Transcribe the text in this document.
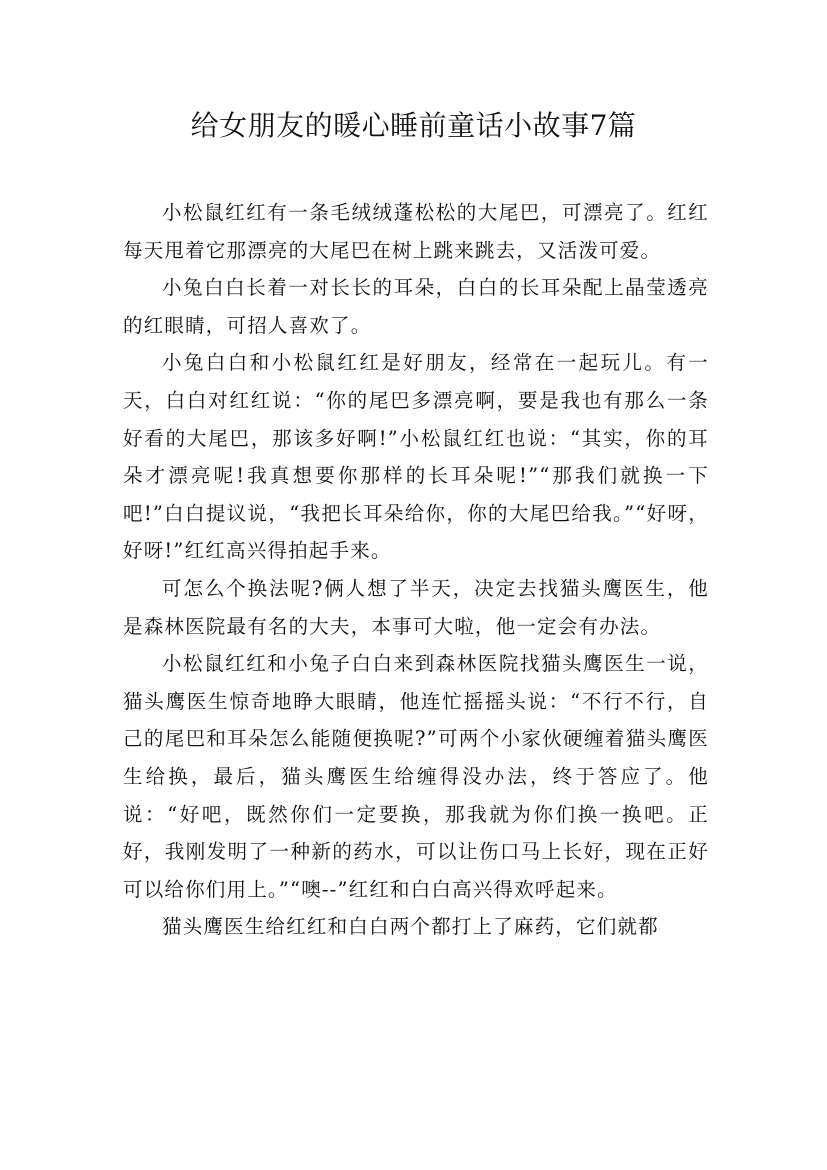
给女朋友的暖心睡前童话小故事7篇

小松鼠红红有一条毛绒绒蓬松松的大尾巴，可漂亮了。红红每天甩着它那漂亮的大尾巴在树上跳来跳去，又活泼可爱。

小兔白白长着一对长长的耳朵，白白的长耳朵配上晶莹透亮的红眼睛，可招人喜欢了。

小兔白白和小松鼠红红是好朋友，经常在一起玩儿。有一天，白白对红红说：“你的尾巴多漂亮啊，要是我也有那么一条好看的大尾巴，那该多好啊!”小松鼠红红也说：“其实，你的耳朵才漂亮呢!我真想要你那样的长耳朵呢!”“那我们就换一下吧!”白白提议说，“我把长耳朵给你，你的大尾巴给我。”“好呀，好呀!”红红高兴得拍起手来。

可怎么个换法呢?俩人想了半天，决定去找猫头鹰医生，他是森林医院最有名的大夫，本事可大啦，他一定会有办法。

小松鼠红红和小兔子白白来到森林医院找猫头鹰医生一说，猫头鹰医生惊奇地睁大眼睛，他连忙摇摇头说：“不行不行，自己的尾巴和耳朵怎么能随便换呢?”可两个小家伙硬缠着猫头鹰医生给换，最后，猫头鹰医生给缠得没办法，终于答应了。他说：“好吧，既然你们一定要换，那我就为你们换一换吧。正好，我刚发明了一种新的药水，可以让伤口马上长好，现在正好可以给你们用上。”“噢--”红红和白白高兴得欢呼起来。

猫头鹰医生给红红和白白两个都打上了麻药，它们就都
